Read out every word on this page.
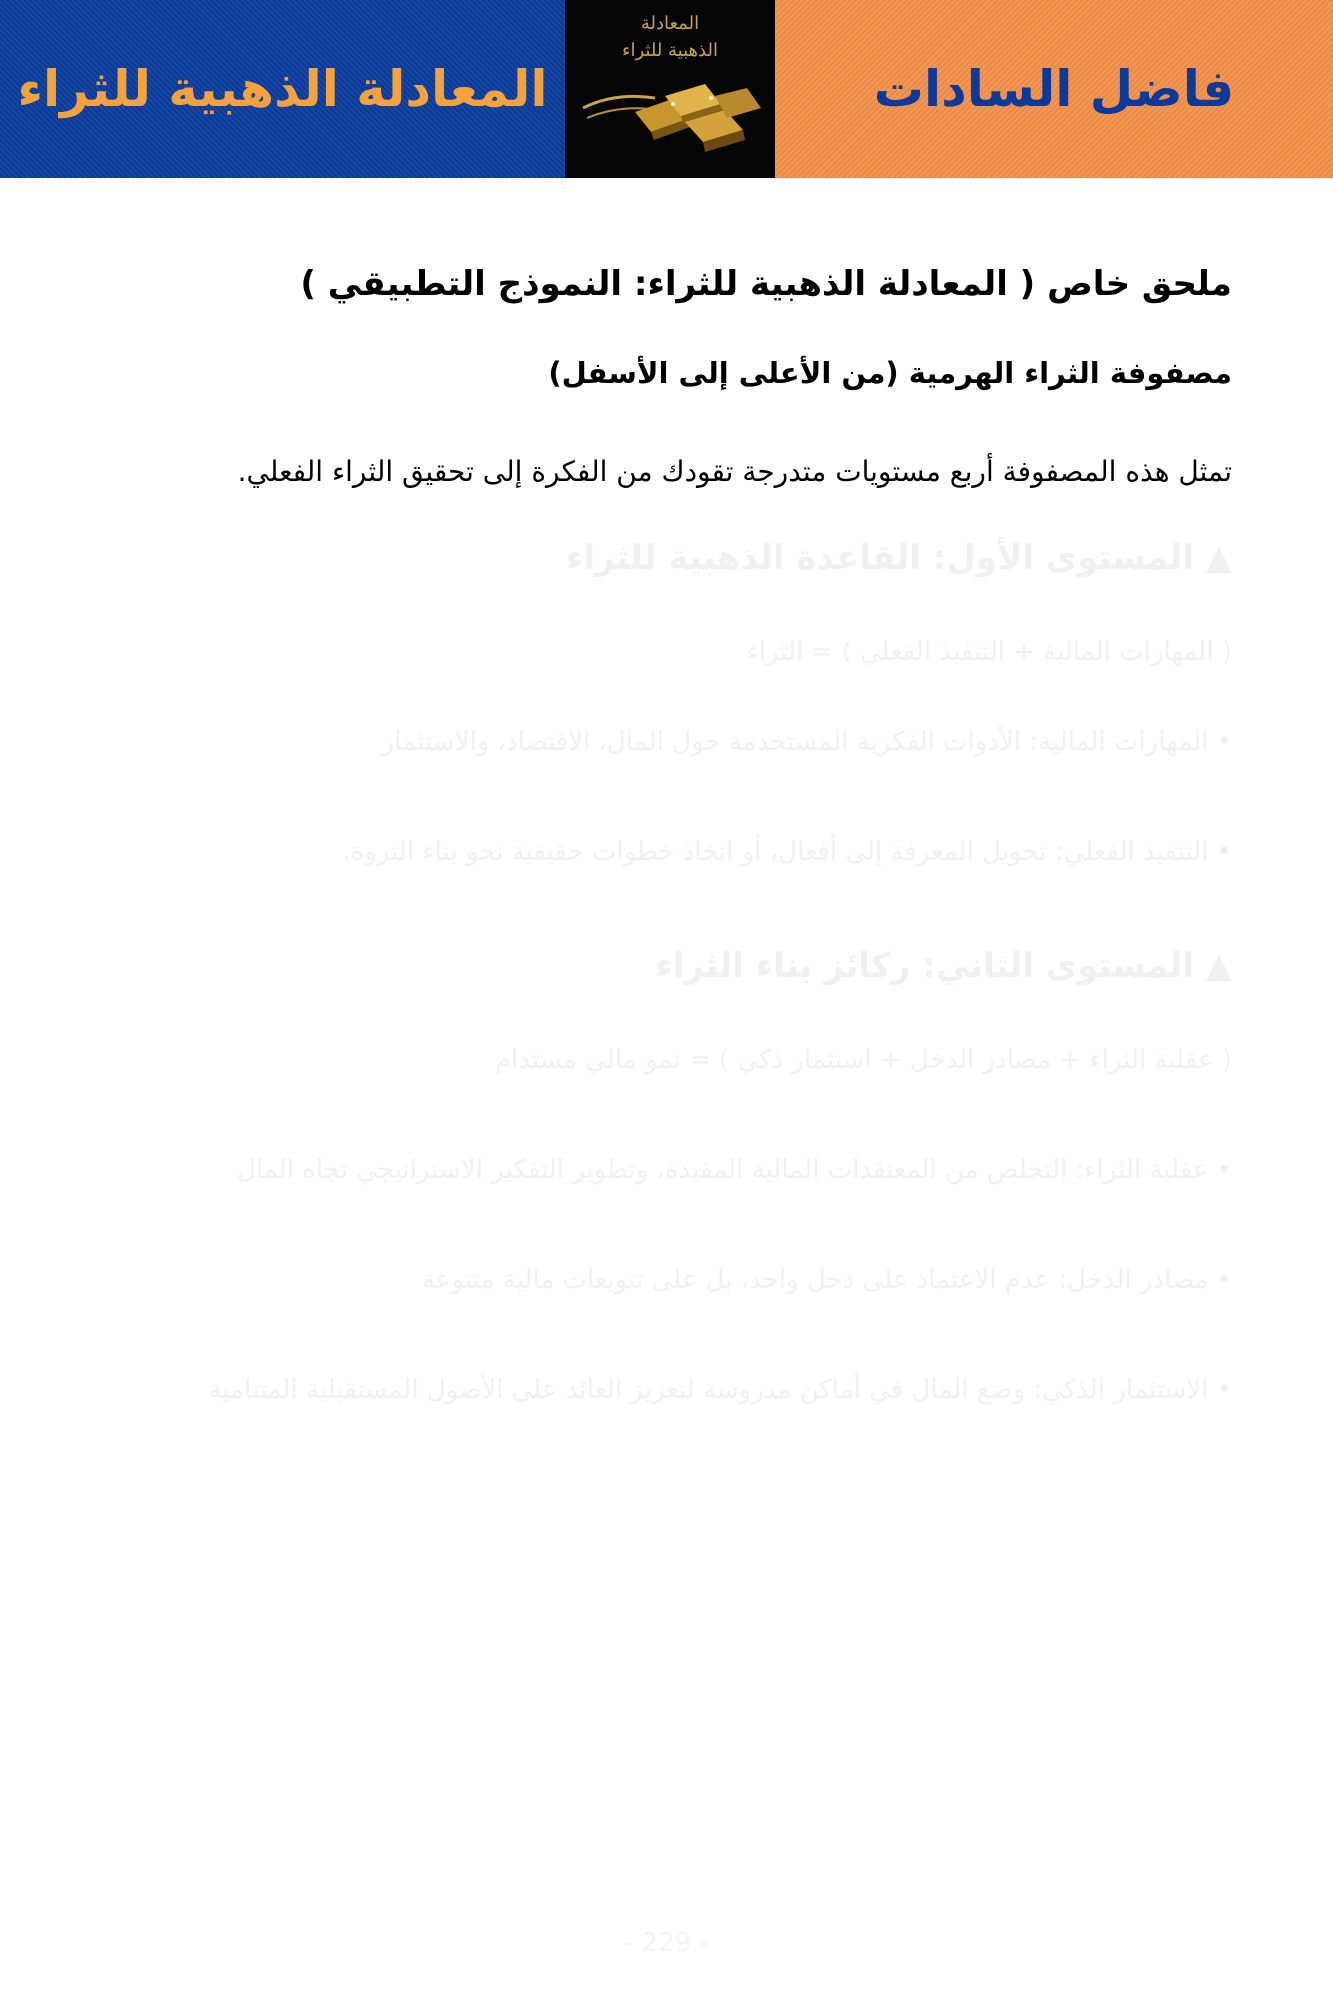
المعادلة الذهبية للثراء
المعادلة
الذهبية للثراء
فاضل السادات

ملحق خاص ( المعادلة الذهبية للثراء: النموذج التطبيقي )

مصفوفة الثراء الهرمية (من الأعلى إلى الأسفل)

تمثل هذه المصفوفة أربع مستويات متدرجة تقودك من الفكرة إلى تحقيق الثراء الفعلي.

▲ المستوى الأول: القاعدة الذهبية للثراء

( المهارات المالية + التنفيذ الفعلي ) = الثراء

• المهارات المالية: الأدوات الفكرية المستخدمة حول المال، الاقتصاد، والاستثمار

• التنفيذ الفعلي: تحويل المعرفة إلى أفعال، أو اتخاذ خطوات حقيقية نحو بناء الثروة.

▲ المستوى الثاني: ركائز بناء الثراء

( عقلية الثراء + مصادر الدخل + استثمار ذكي ) = نمو مالي مستدام

• عقلية الثراء: التخلص من المعتقدات المالية المقيدة، وتطوير التفكير الاستراتيجي تجاه المال

• مصادر الدخل: عدم الاعتماد على دخل واحد، بل على تنويعات مالية متنوعة

• الاستثمار الذكي: وضع المال في أماكن مدروسة لتعزيز العائد على الأصول المستقبلية المتنامية

- 229 -
